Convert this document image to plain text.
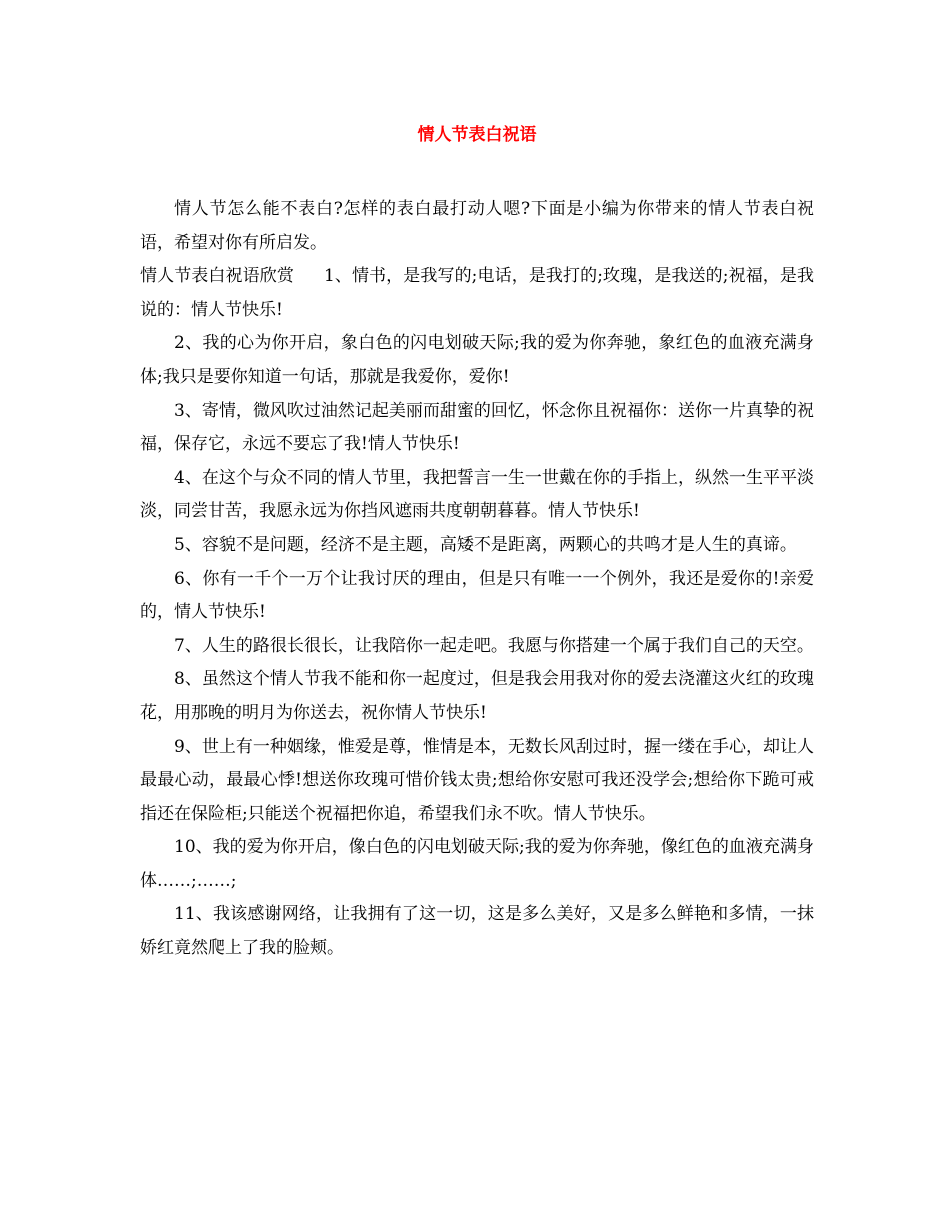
情人节表白祝语

情人节怎么能不表白?怎样的表白最打动人嗯?下面是小编为你带来的情人节表白祝语，希望对你有所启发。

情人节表白祝语欣赏 1、情书，是我写的;电话，是我打的;玫瑰，是我送的;祝福，是我说的：情人节快乐!

2、我的心为你开启，象白色的闪电划破天际;我的爱为你奔驰，象红色的血液充满身体;我只是要你知道一句话，那就是我爱你，爱你!

3、寄情，微风吹过油然记起美丽而甜蜜的回忆，怀念你且祝福你：送你一片真挚的祝福，保存它，永远不要忘了我!情人节快乐!

4、在这个与众不同的情人节里，我把誓言一生一世戴在你的手指上，纵然一生平平淡淡，同尝甘苦，我愿永远为你挡风遮雨共度朝朝暮暮。情人节快乐!

5、容貌不是问题，经济不是主题，高矮不是距离，两颗心的共鸣才是人生的真谛。

6、你有一千个一万个让我讨厌的理由，但是只有唯一一个例外，我还是爱你的!亲爱的，情人节快乐!

7、人生的路很长很长，让我陪你一起走吧。我愿与你搭建一个属于我们自己的天空。

8、虽然这个情人节我不能和你一起度过，但是我会用我对你的爱去浇灌这火红的玫瑰花，用那晚的明月为你送去，祝你情人节快乐!

9、世上有一种姻缘，惟爱是尊，惟情是本，无数长风刮过时，握一缕在手心，却让人最最心动，最最心悸!想送你玫瑰可惜价钱太贵;想给你安慰可我还没学会;想给你下跪可戒指还在保险柜;只能送个祝福把你追，希望我们永不吹。情人节快乐。

10、我的爱为你开启，像白色的闪电划破天际;我的爱为你奔驰，像红色的血液充满身体……;……;

11、我该感谢网络，让我拥有了这一切，这是多么美好，又是多么鲜艳和多情，一抹娇红竟然爬上了我的脸颊。
